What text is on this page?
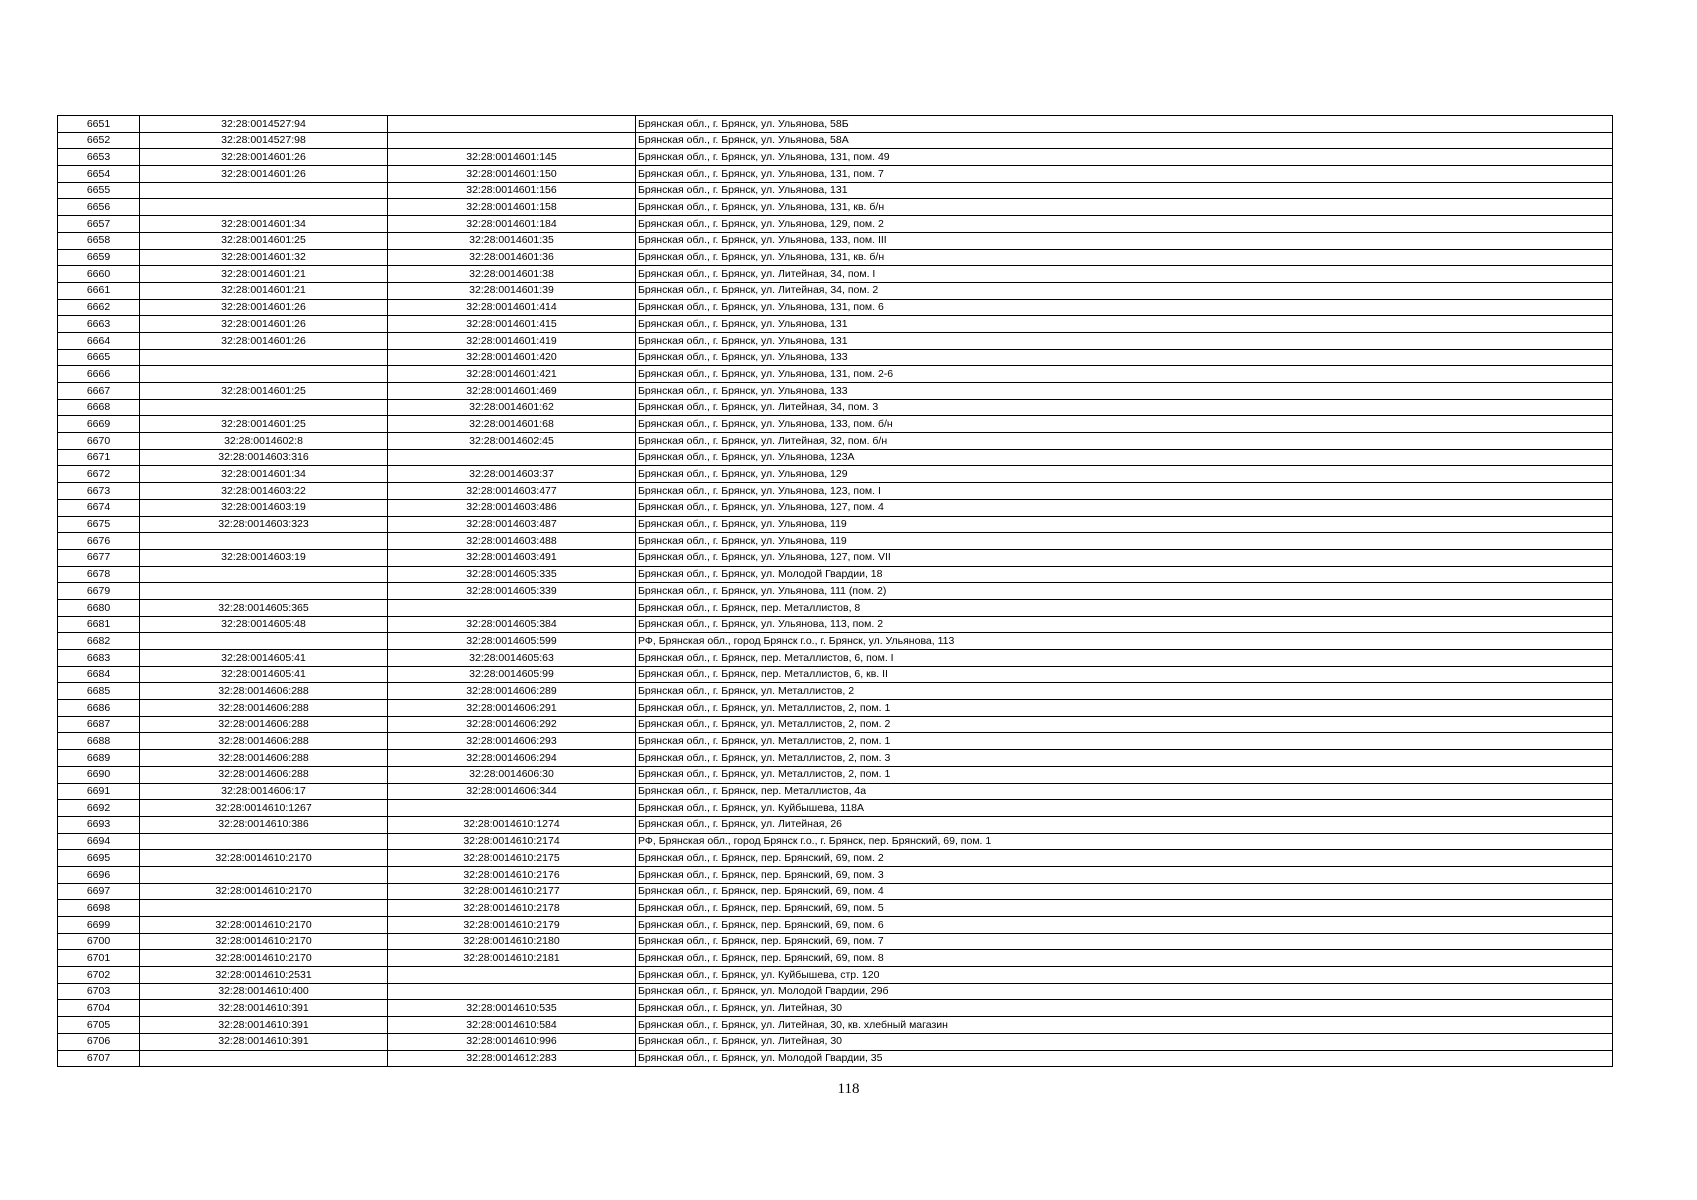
6651	32:28:0014527:94		Брянская обл., г. Брянск, ул. Ульянова, 58Б
6652	32:28:0014527:98		Брянская обл., г. Брянск, ул. Ульянова, 58А
6653	32:28:0014601:26	32:28:0014601:145	Брянская обл., г. Брянск, ул. Ульянова, 131, пом. 49
6654	32:28:0014601:26	32:28:0014601:150	Брянская обл., г. Брянск, ул. Ульянова, 131, пом. 7
6655		32:28:0014601:156	Брянская обл., г. Брянск, ул. Ульянова, 131
6656		32:28:0014601:158	Брянская обл., г. Брянск, ул. Ульянова, 131, кв. б/н
6657	32:28:0014601:34	32:28:0014601:184	Брянская обл., г. Брянск, ул. Ульянова, 129, пом. 2
6658	32:28:0014601:25	32:28:0014601:35	Брянская обл., г. Брянск, ул. Ульянова, 133, пом. III
6659	32:28:0014601:32	32:28:0014601:36	Брянская обл., г. Брянск, ул. Ульянова, 131, кв. б/н
6660	32:28:0014601:21	32:28:0014601:38	Брянская обл., г. Брянск, ул. Литейная, 34, пом. I
6661	32:28:0014601:21	32:28:0014601:39	Брянская обл., г. Брянск, ул. Литейная, 34, пом. 2
6662	32:28:0014601:26	32:28:0014601:414	Брянская обл., г. Брянск, ул. Ульянова, 131, пом. 6
6663	32:28:0014601:26	32:28:0014601:415	Брянская обл., г. Брянск, ул. Ульянова, 131
6664	32:28:0014601:26	32:28:0014601:419	Брянская обл., г. Брянск, ул. Ульянова, 131
6665		32:28:0014601:420	Брянская обл., г. Брянск, ул. Ульянова, 133
6666		32:28:0014601:421	Брянская обл., г. Брянск, ул. Ульянова, 131, пом. 2-6
6667	32:28:0014601:25	32:28:0014601:469	Брянская обл., г. Брянск, ул. Ульянова, 133
6668		32:28:0014601:62	Брянская обл., г. Брянск, ул. Литейная, 34, пом. 3
6669	32:28:0014601:25	32:28:0014601:68	Брянская обл., г. Брянск, ул. Ульянова, 133, пом. б/н
6670	32:28:0014602:8	32:28:0014602:45	Брянская обл., г. Брянск, ул. Литейная, 32, пом. б/н
6671	32:28:0014603:316		Брянская обл., г. Брянск, ул. Ульянова, 123А
6672	32:28:0014601:34	32:28:0014603:37	Брянская обл., г. Брянск, ул. Ульянова, 129
6673	32:28:0014603:22	32:28:0014603:477	Брянская обл., г. Брянск, ул. Ульянова, 123, пом. I
6674	32:28:0014603:19	32:28:0014603:486	Брянская обл., г. Брянск, ул. Ульянова, 127, пом. 4
6675	32:28:0014603:323	32:28:0014603:487	Брянская обл., г. Брянск, ул. Ульянова, 119
6676		32:28:0014603:488	Брянская обл., г. Брянск, ул. Ульянова, 119
6677	32:28:0014603:19	32:28:0014603:491	Брянская обл., г. Брянск, ул. Ульянова, 127, пом. VII
6678		32:28:0014605:335	Брянская обл., г. Брянск, ул. Молодой Гвардии, 18
6679		32:28:0014605:339	Брянская обл., г. Брянск, ул. Ульянова, 111 (пом. 2)
6680	32:28:0014605:365		Брянская обл., г. Брянск, пер. Металлистов, 8
6681	32:28:0014605:48	32:28:0014605:384	Брянская обл., г. Брянск, ул. Ульянова, 113, пом. 2
6682		32:28:0014605:599	РФ, Брянская обл., город Брянск г.о., г. Брянск, ул. Ульянова, 113
6683	32:28:0014605:41	32:28:0014605:63	Брянская обл., г. Брянск, пер. Металлистов, 6, пом. I
6684	32:28:0014605:41	32:28:0014605:99	Брянская обл., г. Брянск, пер. Металлистов, 6, кв. II
6685	32:28:0014606:288	32:28:0014606:289	Брянская обл., г. Брянск, ул. Металлистов, 2
6686	32:28:0014606:288	32:28:0014606:291	Брянская обл., г. Брянск, ул. Металлистов, 2, пом. 1
6687	32:28:0014606:288	32:28:0014606:292	Брянская обл., г. Брянск, ул. Металлистов, 2, пом. 2
6688	32:28:0014606:288	32:28:0014606:293	Брянская обл., г. Брянск, ул. Металлистов, 2, пом. 1
6689	32:28:0014606:288	32:28:0014606:294	Брянская обл., г. Брянск, ул. Металлистов, 2, пом. 3
6690	32:28:0014606:288	32:28:0014606:30	Брянская обл., г. Брянск, ул. Металлистов, 2, пом. 1
6691	32:28:0014606:17	32:28:0014606:344	Брянская обл., г. Брянск, пер. Металлистов, 4а
6692	32:28:0014610:1267		Брянская обл., г. Брянск, ул. Куйбышева, 118А
6693	32:28:0014610:386	32:28:0014610:1274	Брянская обл., г. Брянск, ул. Литейная, 26
6694		32:28:0014610:2174	РФ, Брянская обл., город Брянск г.о., г. Брянск, пер. Брянский, 69, пом. 1
6695	32:28:0014610:2170	32:28:0014610:2175	Брянская обл., г. Брянск, пер. Брянский, 69, пом. 2
6696		32:28:0014610:2176	Брянская обл., г. Брянск, пер. Брянский, 69, пом. 3
6697	32:28:0014610:2170	32:28:0014610:2177	Брянская обл., г. Брянск, пер. Брянский, 69, пом. 4
6698		32:28:0014610:2178	Брянская обл., г. Брянск, пер. Брянский, 69, пом. 5
6699	32:28:0014610:2170	32:28:0014610:2179	Брянская обл., г. Брянск, пер. Брянский, 69, пом. 6
6700	32:28:0014610:2170	32:28:0014610:2180	Брянская обл., г. Брянск, пер. Брянский, 69, пом. 7
6701	32:28:0014610:2170	32:28:0014610:2181	Брянская обл., г. Брянск, пер. Брянский, 69, пом. 8
6702	32:28:0014610:2531		Брянская обл., г. Брянск, ул. Куйбышева, стр. 120
6703	32:28:0014610:400		Брянская обл., г. Брянск, ул. Молодой Гвардии, 29б
6704	32:28:0014610:391	32:28:0014610:535	Брянская обл., г. Брянск, ул. Литейная, 30
6705	32:28:0014610:391	32:28:0014610:584	Брянская обл., г. Брянск, ул. Литейная, 30, кв. хлебный магазин
6706	32:28:0014610:391	32:28:0014610:996	Брянская обл., г. Брянск, ул. Литейная, 30
6707		32:28:0014612:283	Брянская обл., г. Брянск, ул. Молодой Гвардии, 35
118
